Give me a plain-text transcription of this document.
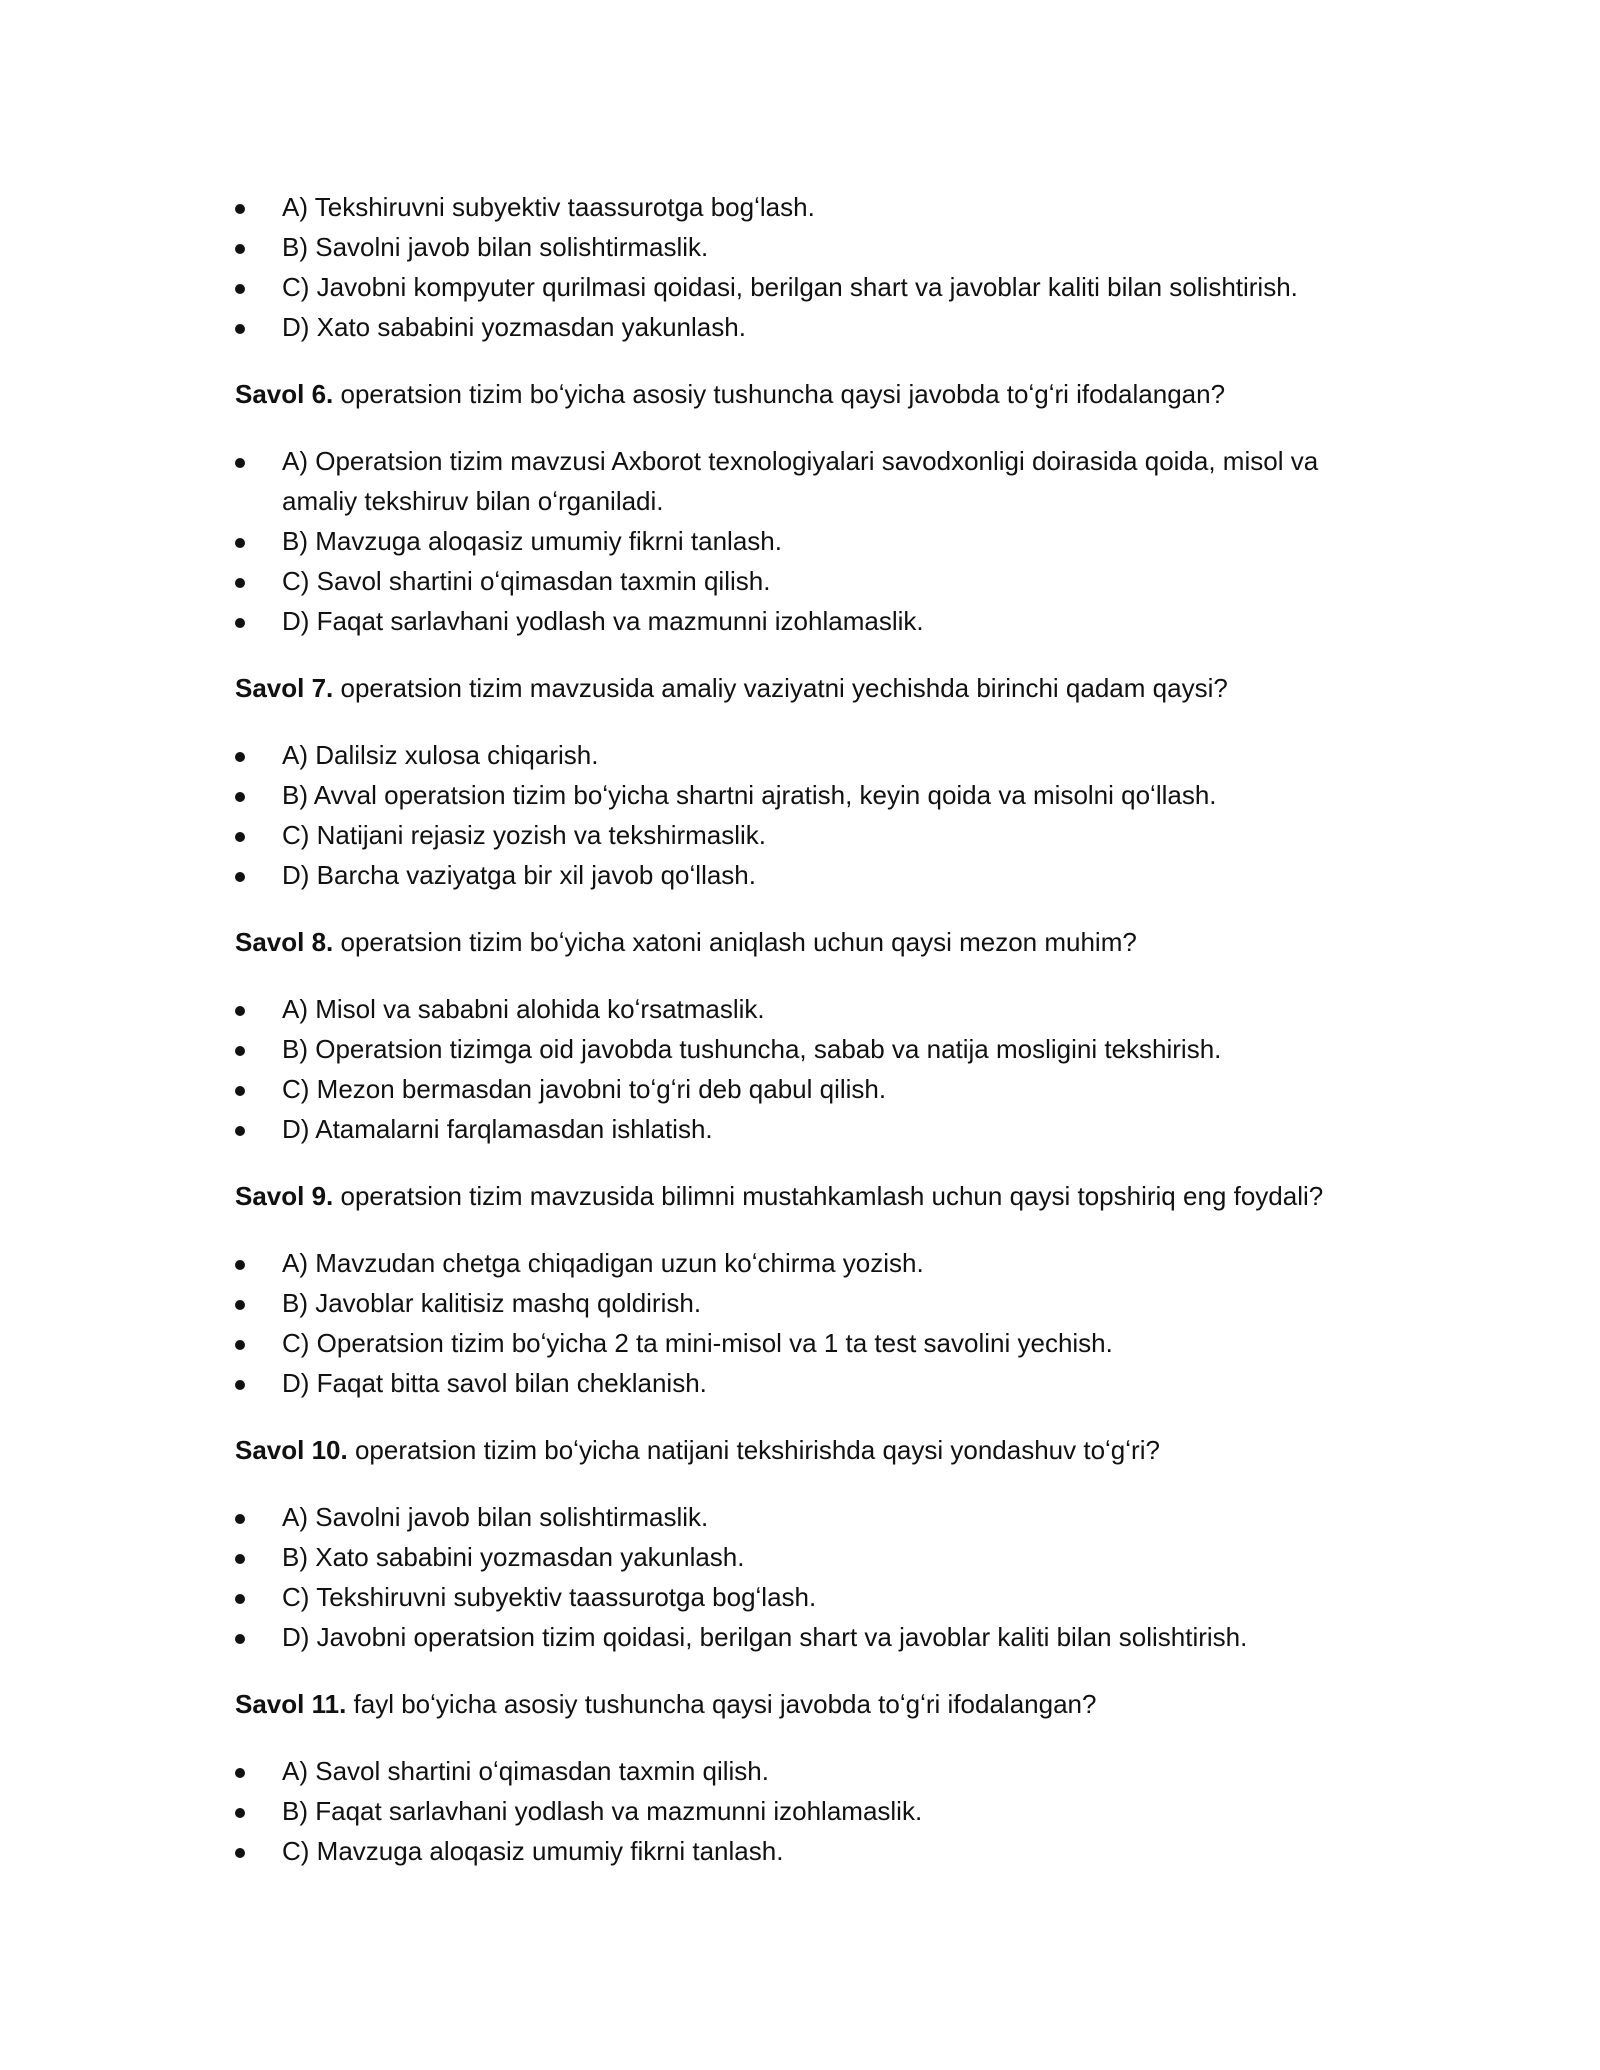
A) Tekshiruvni subyektiv taassurotga bogʻlash.
B) Savolni javob bilan solishtirmaslik.
C) Javobni kompyuter qurilmasi qoidasi, berilgan shart va javoblar kaliti bilan solishtirish.
D) Xato sababini yozmasdan yakunlash.

Savol 6. operatsion tizim boʻyicha asosiy tushuncha qaysi javobda toʻgʻri ifodalangan?

A) Operatsion tizim mavzusi Axborot texnologiyalari savodxonligi doirasida qoida, misol va amaliy tekshiruv bilan oʻrganiladi.
B) Mavzuga aloqasiz umumiy fikrni tanlash.
C) Savol shartini oʻqimasdan taxmin qilish.
D) Faqat sarlavhani yodlash va mazmunni izohlamaslik.

Savol 7. operatsion tizim mavzusida amaliy vaziyatni yechishda birinchi qadam qaysi?

A) Dalilsiz xulosa chiqarish.
B) Avval operatsion tizim boʻyicha shartni ajratish, keyin qoida va misolni qoʻllash.
C) Natijani rejasiz yozish va tekshirmaslik.
D) Barcha vaziyatga bir xil javob qoʻllash.

Savol 8. operatsion tizim boʻyicha xatoni aniqlash uchun qaysi mezon muhim?

A) Misol va sababni alohida koʻrsatmaslik.
B) Operatsion tizimga oid javobda tushuncha, sabab va natija mosligini tekshirish.
C) Mezon bermasdan javobni toʻgʻri deb qabul qilish.
D) Atamalarni farqlamasdan ishlatish.

Savol 9. operatsion tizim mavzusida bilimni mustahkamlash uchun qaysi topshiriq eng foydali?

A) Mavzudan chetga chiqadigan uzun koʻchirma yozish.
B) Javoblar kalitisiz mashq qoldirish.
C) Operatsion tizim boʻyicha 2 ta mini-misol va 1 ta test savolini yechish.
D) Faqat bitta savol bilan cheklanish.

Savol 10. operatsion tizim boʻyicha natijani tekshirishda qaysi yondashuv toʻgʻri?

A) Savolni javob bilan solishtirmaslik.
B) Xato sababini yozmasdan yakunlash.
C) Tekshiruvni subyektiv taassurotga bogʻlash.
D) Javobni operatsion tizim qoidasi, berilgan shart va javoblar kaliti bilan solishtirish.

Savol 11. fayl boʻyicha asosiy tushuncha qaysi javobda toʻgʻri ifodalangan?

A) Savol shartini oʻqimasdan taxmin qilish.
B) Faqat sarlavhani yodlash va mazmunni izohlamaslik.
C) Mavzuga aloqasiz umumiy fikrni tanlash.
